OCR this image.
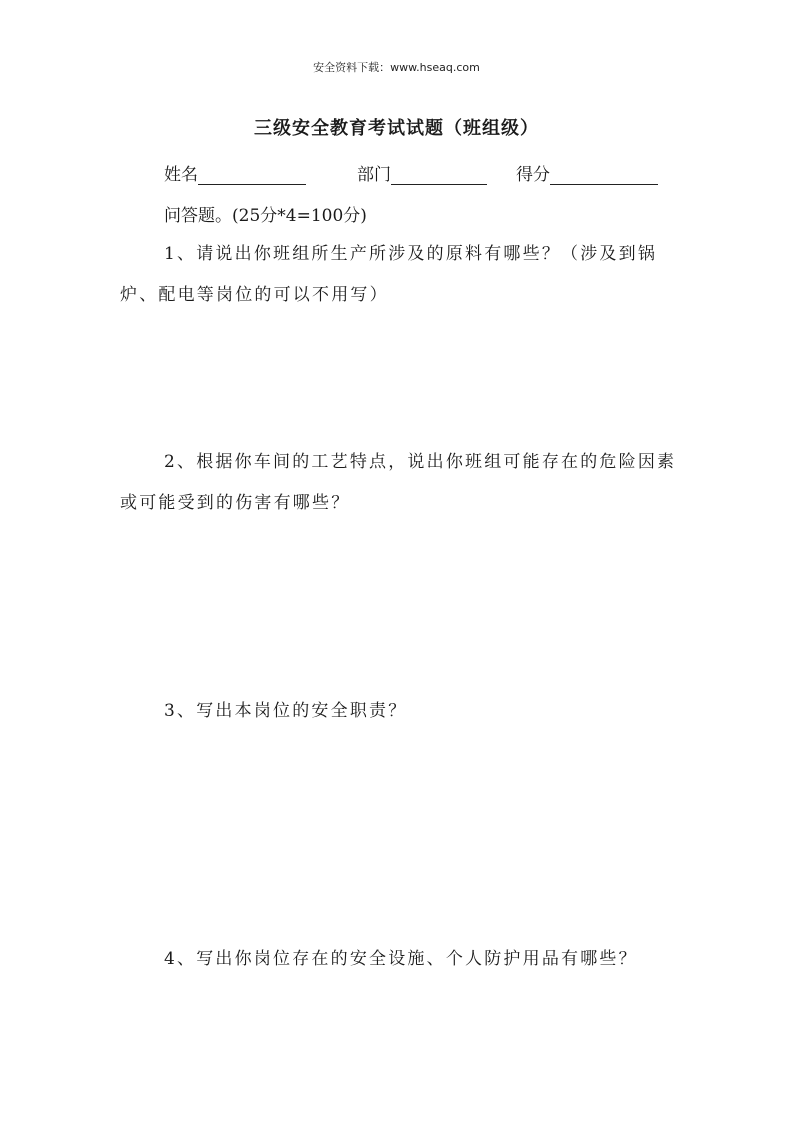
安全资料下载：www.hseaq.com
三级安全教育考试试题（班组级）
姓名	部门	得分
问答题。(25分*4=100分)
1、请说出你班组所生产所涉及的原料有哪些？（涉及到锅炉、配电等岗位的可以不用写）
2、根据你车间的工艺特点，说出你班组可能存在的危险因素或可能受到的伤害有哪些？
3、写出本岗位的安全职责？
4、写出你岗位存在的安全设施、个人防护用品有哪些？
